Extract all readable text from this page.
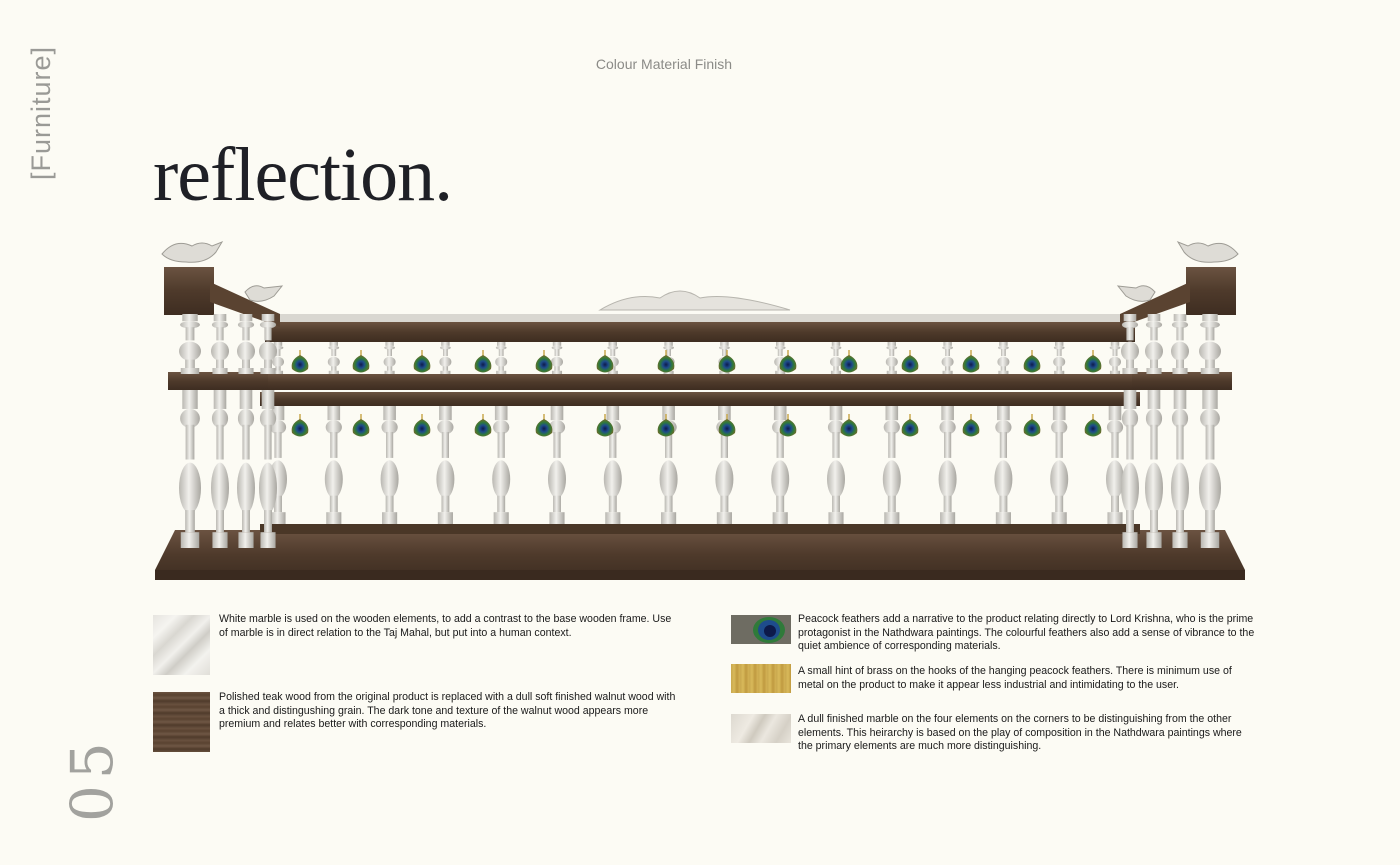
[Furniture]	Colour Material Finish
reflection.
White marble is used on the wooden elements, to add a contrast to the base wooden frame. Use of marble is in direct relation to the Taj Mahal, but put into a human context.
Polished teak wood from the original product is replaced with a dull soft finished walnut wood with a thick and distingushing grain. The dark tone and texture of the walnut wood appears more premium and relates better with corresponding materials.
Peacock feathers add a narrative to the product relating directly to Lord Krishna, who is the prime protagonist in the Nathdwara paintings. The colourful feathers also add a sense of vibrance to the quiet ambience of corresponding materials.
A small hint of brass on the hooks of the hanging peacock feathers. There is minimum use of metal on the product to make it appear less industrial and intimidating to the user.
A dull finished marble on the four elements on the corners to be distinguishing from the other elements. This heirarchy is based on the play of composition in the Nathdwara paintings where the primary elements are much more distinguishing.
05
